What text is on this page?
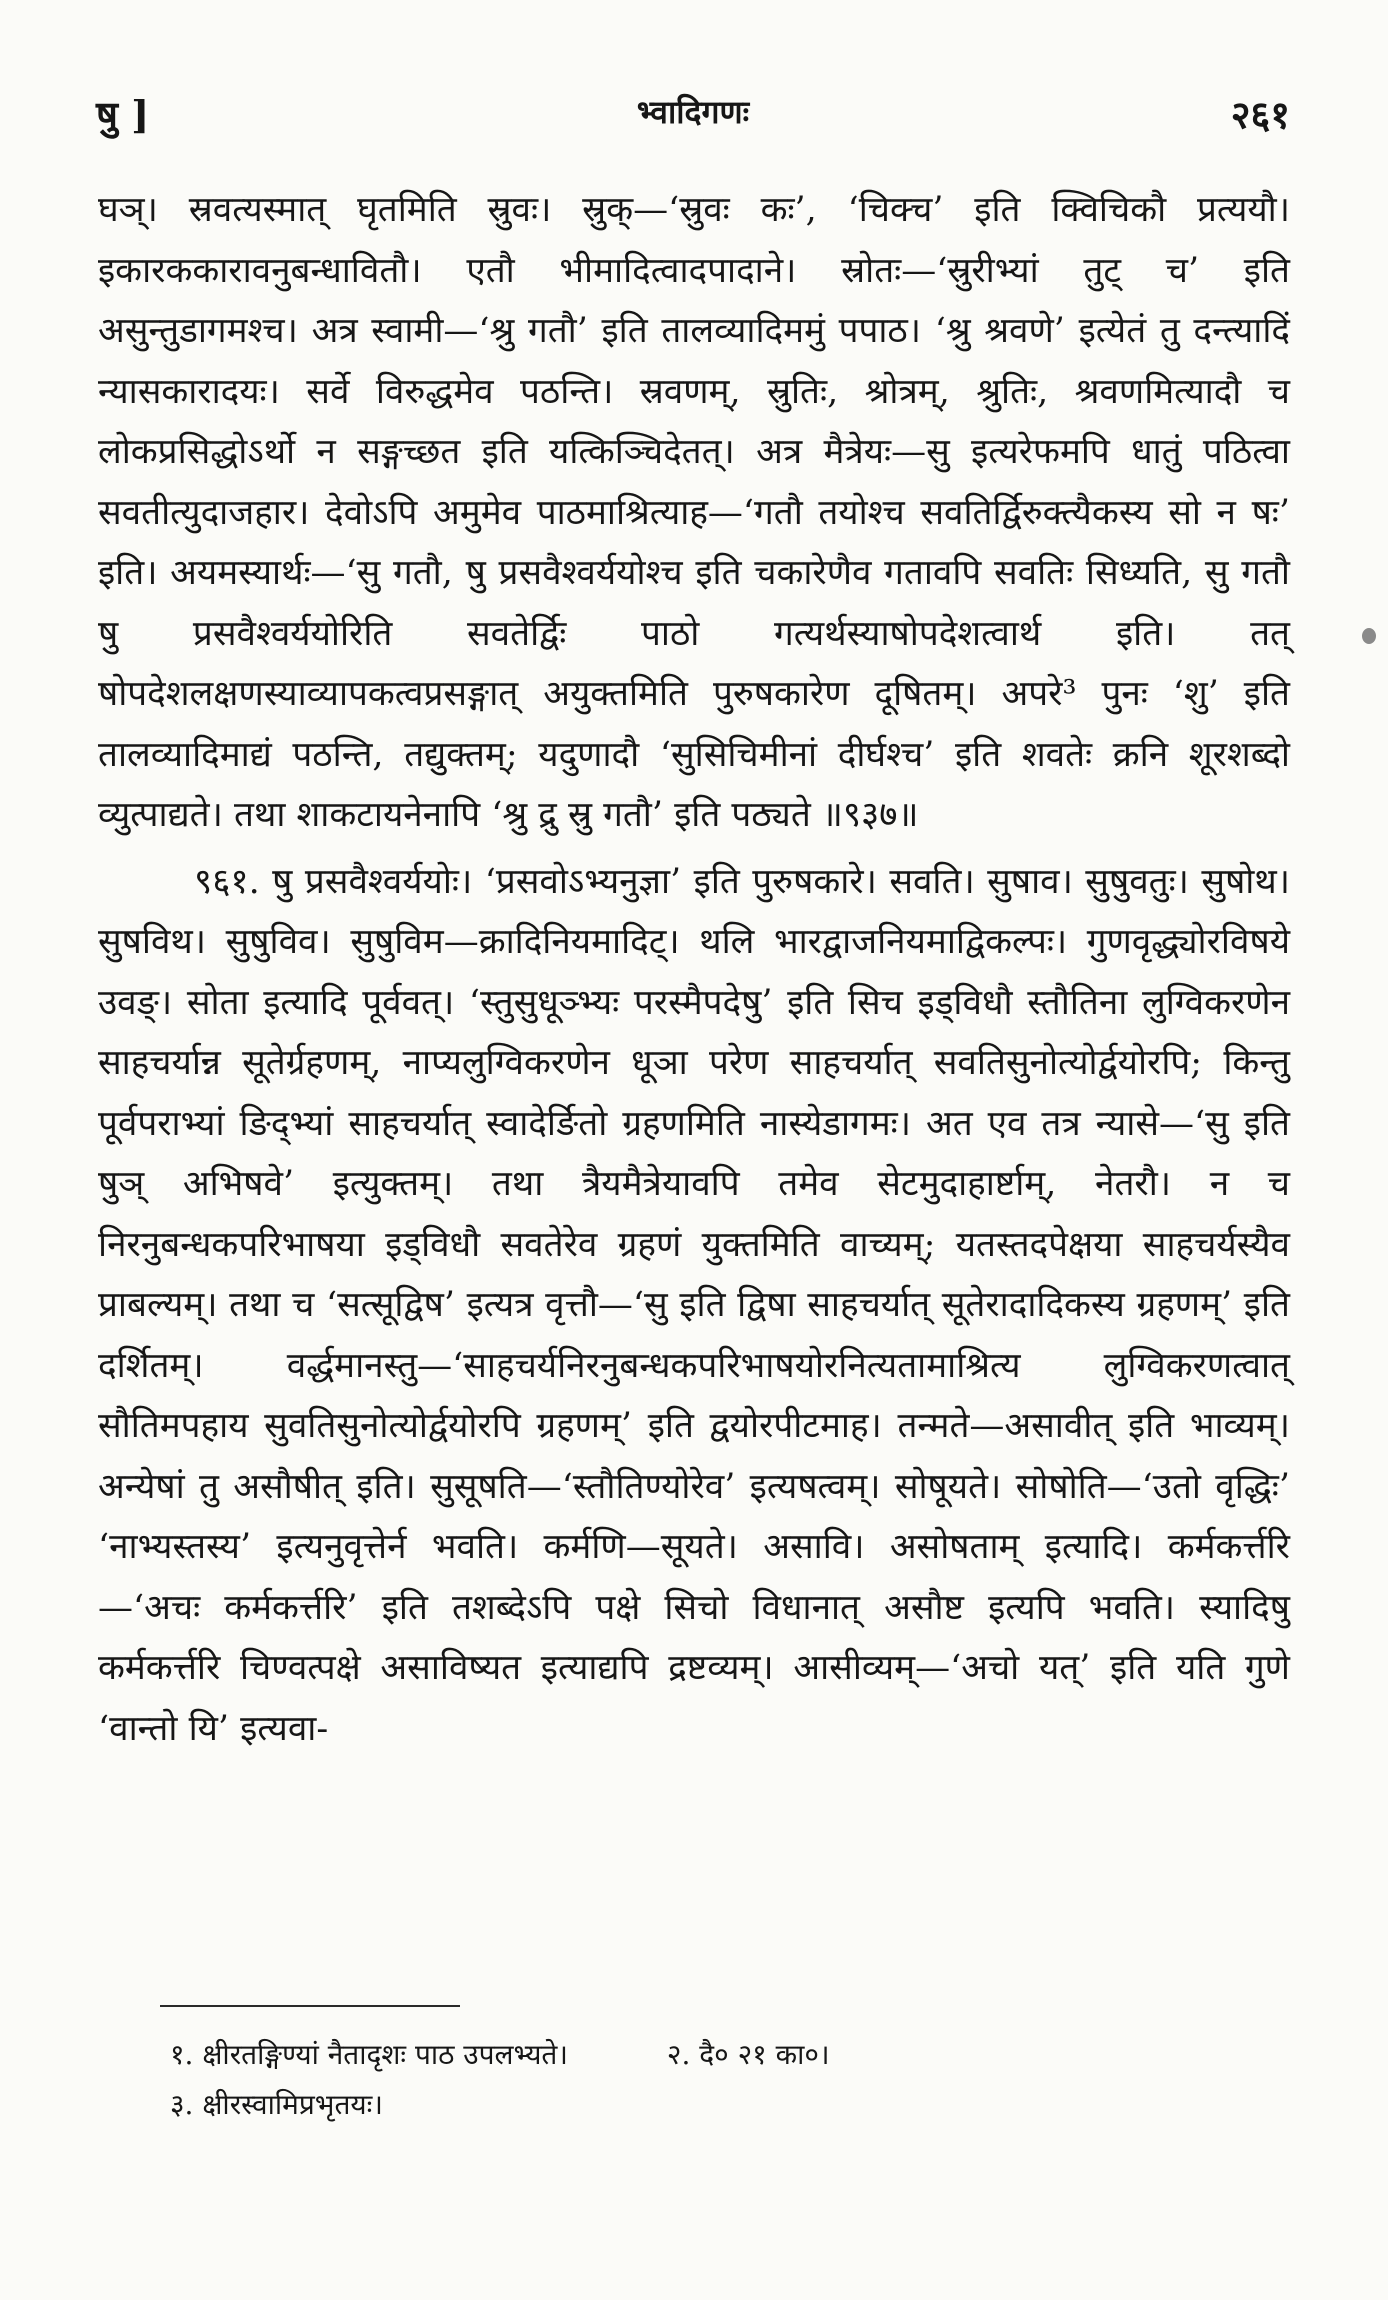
षु ]	भ्वादिगणः	२६१

घञ्। स्रवत्यस्मात् घृतमिति स्रुवः। स्रुक्—‘स्रुवः कः’, ‘चिक्च’ इति क्विचिकौ प्रत्ययौ। इकारककारावनुबन्धावितौ। एतौ भीमादित्वादपादाने। स्रोतः—‘स्रुरीभ्यां तुट् च’ इति असुन्तुडागमश्च। अत्र स्वामी—‘श्रु गतौ’ इति तालव्यादिममुं पपाठ। ‘श्रु श्रवणे’ इत्येतं तु दन्त्यादिं न्यासकारादयः। सर्वे विरुद्धमेव पठन्ति। स्रवणम्, स्रुतिः, श्रोत्रम्, श्रुतिः, श्रवणमित्यादौ च लोकप्रसिद्धोऽर्थो न सङ्गच्छत इति यत्किञ्चिदेतत्। अत्र मैत्रेयः—सु इत्यरेफमपि धातुं पठित्वा सवतीत्युदाजहार। देवोऽपि अमुमेव पाठमाश्रित्याह—‘गतौ तयोश्च सवतिर्द्विरुक्त्यैकस्य सो न षः’ इति। अयमस्यार्थः—‘सु गतौ, षु प्रसवैश्वर्ययोश्च इति चकारेणैव गतावपि सवतिः सिध्यति, सु गतौ षु प्रसवैश्वर्ययोरिति सवतेर्द्विः पाठो गत्यर्थस्याषोपदेशत्वार्थ इति। तत् षोपदेशलक्षणस्याव्यापकत्वप्रसङ्गात् अयुक्तमिति पुरुषकारेण दूषितम्। अपरे³ पुनः ‘शु’ इति तालव्यादिमाद्यं पठन्ति, तद्युक्तम्; यदुणादौ ‘सुसिचिमीनां दीर्घश्च’ इति शवतेः क्रनि शूरशब्दो व्युत्पाद्यते। तथा शाकटायनेनापि ‘श्रु द्रु स्रु गतौ’ इति पठ्यते ॥९३७॥

९६१. षु प्रसवैश्वर्ययोः। ‘प्रसवोऽभ्यनुज्ञा’ इति पुरुषकारे। सवति। सुषाव। सुषुवतुः। सुषोथ। सुषविथ। सुषुविव। सुषुविम—क्रादिनियमादिट्। थलि भारद्वाजनियमाद्विकल्पः। गुणवृद्ध्योरविषये उवङ्। सोता इत्यादि पूर्ववत्। ‘स्तुसुधूञ्भ्यः परस्मैपदेषु’ इति सिच इड्विधौ स्तौतिना लुग्विकरणेन साहचर्यान्न सूतेर्ग्रहणम्, नाप्यलुग्विकरणेन धूञा परेण साहचर्यात् सवतिसुनोत्योर्द्वयोरपि; किन्तु पूर्वपराभ्यां ङिद्भ्यां साहचर्यात् स्वादेर्ङितो ग्रहणमिति नास्येडागमः। अत एव तत्र न्यासे—‘सु इति षुञ् अभिषवे’ इत्युक्तम्। तथा त्रैयमैत्रेयावपि तमेव सेटमुदाहार्ष्टाम्, नेतरौ। न च निरनुबन्धकपरिभाषया इड्विधौ सवतेरेव ग्रहणं युक्तमिति वाच्यम्; यतस्तदपेक्षया साहचर्यस्यैव प्राबल्यम्। तथा च ‘सत्सूद्विष’ इत्यत्र वृत्तौ—‘सु इति द्विषा साहचर्यात् सूतेरादादिकस्य ग्रहणम्’ इति दर्शितम्। वर्द्धमानस्तु—‘साहचर्यनिरनुबन्धकपरिभाषयोरनित्यतामाश्रित्य लुग्विकरणत्वात् सौतिमपहाय सुवतिसुनोत्योर्द्वयोरपि ग्रहणम्’ इति द्वयोरपीटमाह। तन्मते—असावीत् इति भाव्यम्। अन्येषां तु असौषीत् इति। सुसूषति—‘स्तौतिण्योरेव’ इत्यषत्वम्। सोषूयते। सोषोति—‘उतो वृद्धिः’ ‘नाभ्यस्तस्य’ इत्यनुवृत्तेर्न भवति। कर्मणि—सूयते। असावि। असोषताम् इत्यादि। कर्मकर्त्तरि—‘अचः कर्मकर्त्तरि’ इति तशब्देऽपि पक्षे सिचो विधानात् असौष्ट इत्यपि भवति। स्यादिषु कर्मकर्त्तरि चिण्वत्पक्षे असाविष्यत इत्याद्यपि द्रष्टव्यम्। आसीव्यम्—‘अचो यत्’ इति यति गुणे ‘वान्तो यि’ इत्यवा-

१. क्षीरतङ्गिण्यां नैतादृशः पाठ उपलभ्यते।	२. दै० २१ का०।
३. क्षीरस्वामिप्रभृतयः।
